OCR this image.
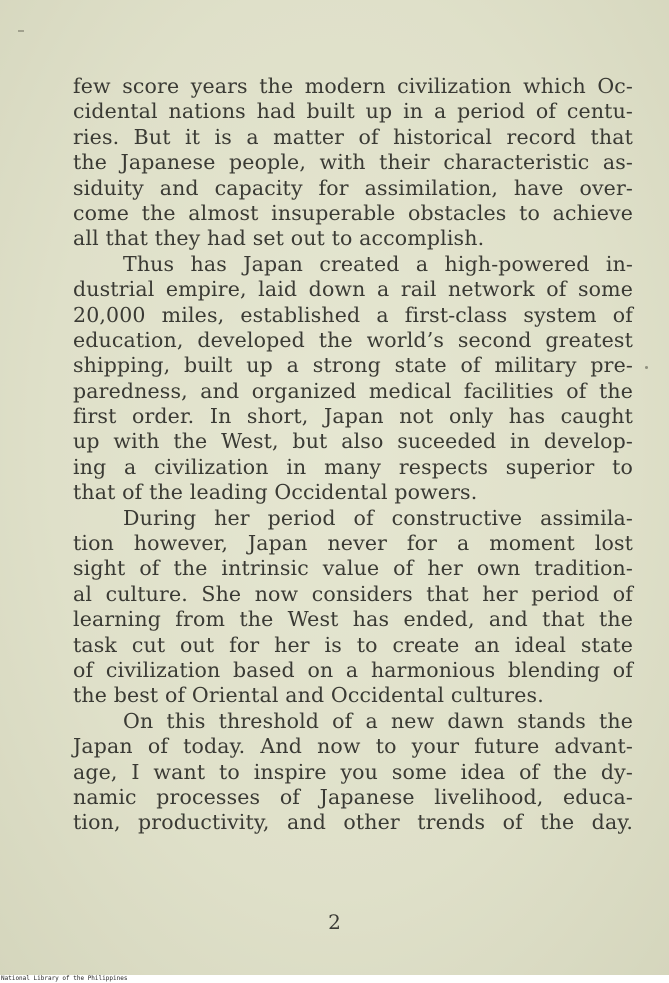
few score years the modern civilization which Oc-
cidental nations had built up in a period of centu-
ries. But it is a matter of historical record that
the Japanese people, with their characteristic as-
siduity and capacity for assimilation, have over-
come the almost insuperable obstacles to achieve
all that they had set out to accomplish.
Thus has Japan created a high-powered in-
dustrial empire, laid down a rail network of some
20,000 miles, established a first-class system of
education, developed the world’s second greatest
shipping, built up a strong state of military pre-
paredness, and organized medical facilities of the
first order. In short, Japan not only has caught
up with the West, but also suceeded in develop-
ing a civilization in many respects superior to
that of the leading Occidental powers.
During her period of constructive assimila-
tion however, Japan never for a moment lost
sight of the intrinsic value of her own tradition-
al culture. She now considers that her period of
learning from the West has ended, and that the
task cut out for her is to create an ideal state
of civilization based on a harmonious blending of
the best of Oriental and Occidental cultures.
On this threshold of a new dawn stands the
Japan of today. And now to your future advant-
age, I want to inspire you some idea of the dy-
namic processes of Japanese livelihood, educa-
tion, productivity, and other trends of the day.
2
National Library of the Philippines
